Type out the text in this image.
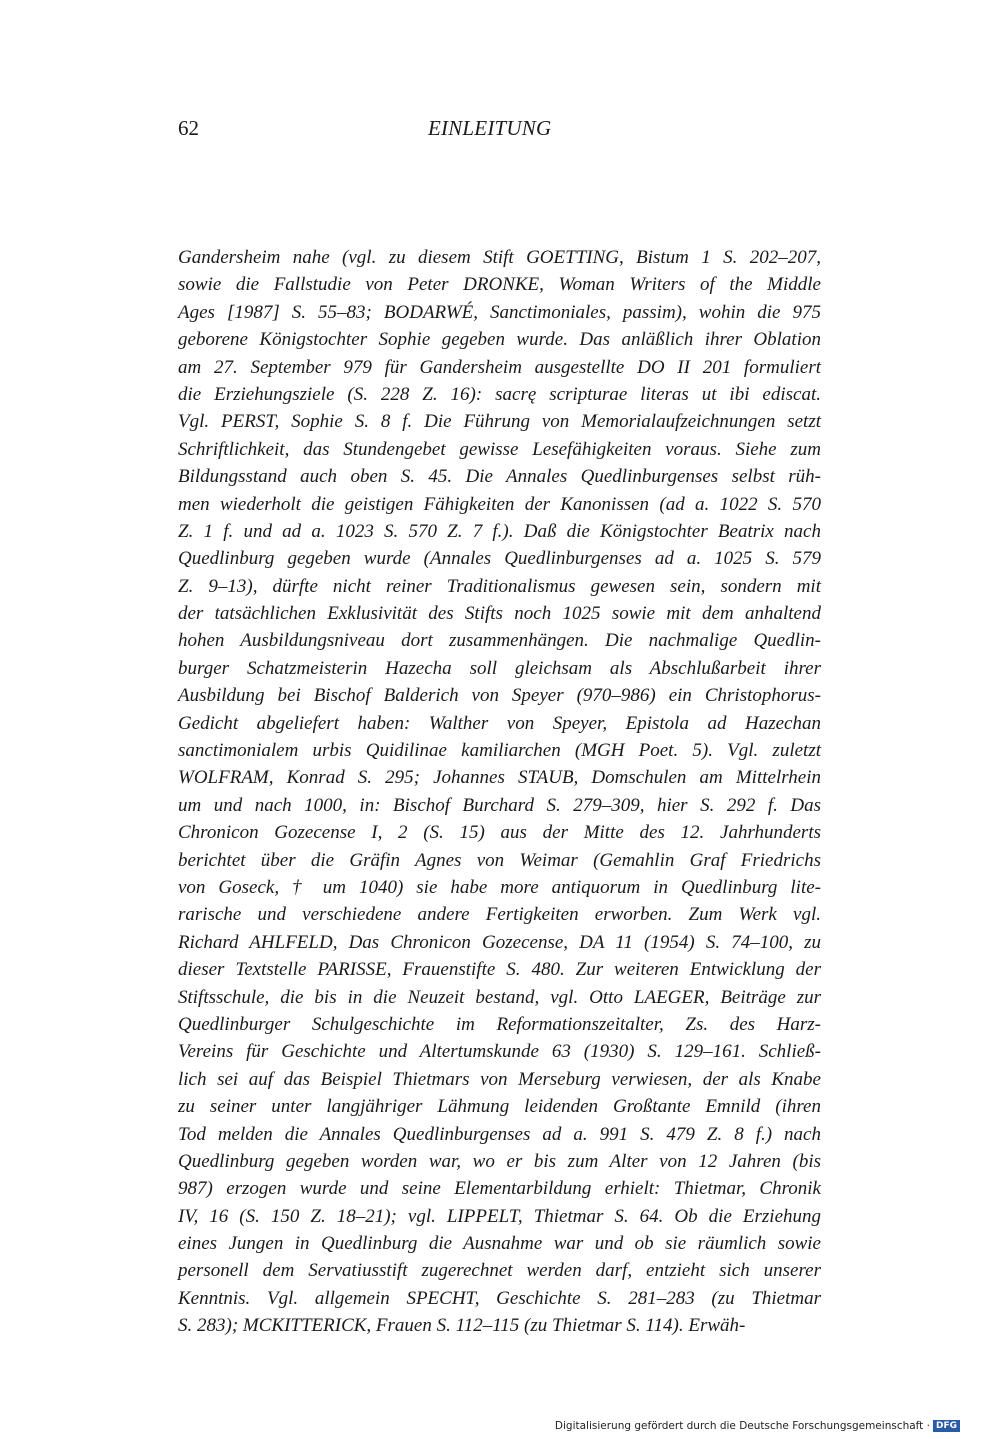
62	EINLEITUNG
Gandersheim nahe (vgl. zu diesem Stift GOETTING, Bistum 1 S. 202–207,
sowie die Fallstudie von Peter DRONKE, Woman Writers of the Middle
Ages [1987] S. 55–83; BODARWÉ, Sanctimoniales, passim), wohin die 975
geborene Königstochter Sophie gegeben wurde. Das anläßlich ihrer Oblation
am 27. September 979 für Gandersheim ausgestellte DO II 201 formuliert
die Erziehungsziele (S. 228 Z. 16): sacrę scripturae literas ut ibi ediscat.
Vgl. PERST, Sophie S. 8 f. Die Führung von Memorialaufzeichnungen setzt
Schriftlichkeit, das Stundengebet gewisse Lesefähigkeiten voraus. Siehe zum
Bildungsstand auch oben S. 45. Die Annales Quedlinburgenses selbst rüh-
men wiederholt die geistigen Fähigkeiten der Kanonissen (ad a. 1022 S. 570
Z. 1 f. und ad a. 1023 S. 570 Z. 7 f.). Daß die Königstochter Beatrix nach
Quedlinburg gegeben wurde (Annales Quedlinburgenses ad a. 1025 S. 579
Z. 9–13), dürfte nicht reiner Traditionalismus gewesen sein, sondern mit
der tatsächlichen Exklusivität des Stifts noch 1025 sowie mit dem anhaltend
hohen Ausbildungsniveau dort zusammenhängen. Die nachmalige Quedlin-
burger Schatzmeisterin Hazecha soll gleichsam als Abschlußarbeit ihrer
Ausbildung bei Bischof Balderich von Speyer (970–986) ein Christophorus-
Gedicht abgeliefert haben: Walther von Speyer, Epistola ad Hazechan
sanctimonialem urbis Quidilinae kamiliarchen (MGH Poet. 5). Vgl. zuletzt
WOLFRAM, Konrad S. 295; Johannes STAUB, Domschulen am Mittelrhein
um und nach 1000, in: Bischof Burchard S. 279–309, hier S. 292 f. Das
Chronicon Gozecense I, 2 (S. 15) aus der Mitte des 12. Jahrhunderts
berichtet über die Gräfin Agnes von Weimar (Gemahlin Graf Friedrichs
von Goseck, † um 1040) sie habe more antiquorum in Quedlinburg lite-
rarische und verschiedene andere Fertigkeiten erworben. Zum Werk vgl.
Richard AHLFELD, Das Chronicon Gozecense, DA 11 (1954) S. 74–100, zu
dieser Textstelle PARISSE, Frauenstifte S. 480. Zur weiteren Entwicklung der
Stiftsschule, die bis in die Neuzeit bestand, vgl. Otto LAEGER, Beiträge zur
Quedlinburger Schulgeschichte im Reformationszeitalter, Zs. des Harz-
Vereins für Geschichte und Altertumskunde 63 (1930) S. 129–161. Schließ-
lich sei auf das Beispiel Thietmars von Merseburg verwiesen, der als Knabe
zu seiner unter langjähriger Lähmung leidenden Großtante Emnild (ihren
Tod melden die Annales Quedlinburgenses ad a. 991 S. 479 Z. 8 f.) nach
Quedlinburg gegeben worden war, wo er bis zum Alter von 12 Jahren (bis
987) erzogen wurde und seine Elementarbildung erhielt: Thietmar, Chronik
IV, 16 (S. 150 Z. 18–21); vgl. LIPPELT, Thietmar S. 64. Ob die Erziehung
eines Jungen in Quedlinburg die Ausnahme war und ob sie räumlich sowie
personell dem Servatiusstift zugerechnet werden darf, entzieht sich unserer
Kenntnis. Vgl. allgemein SPECHT, Geschichte S. 281–283 (zu Thietmar
S. 283); MCKITTERICK, Frauen S. 112–115 (zu Thietmar S. 114). Erwäh-
Digitalisierung gefördert durch die Deutsche Forschungsgemeinschaft · DFG
